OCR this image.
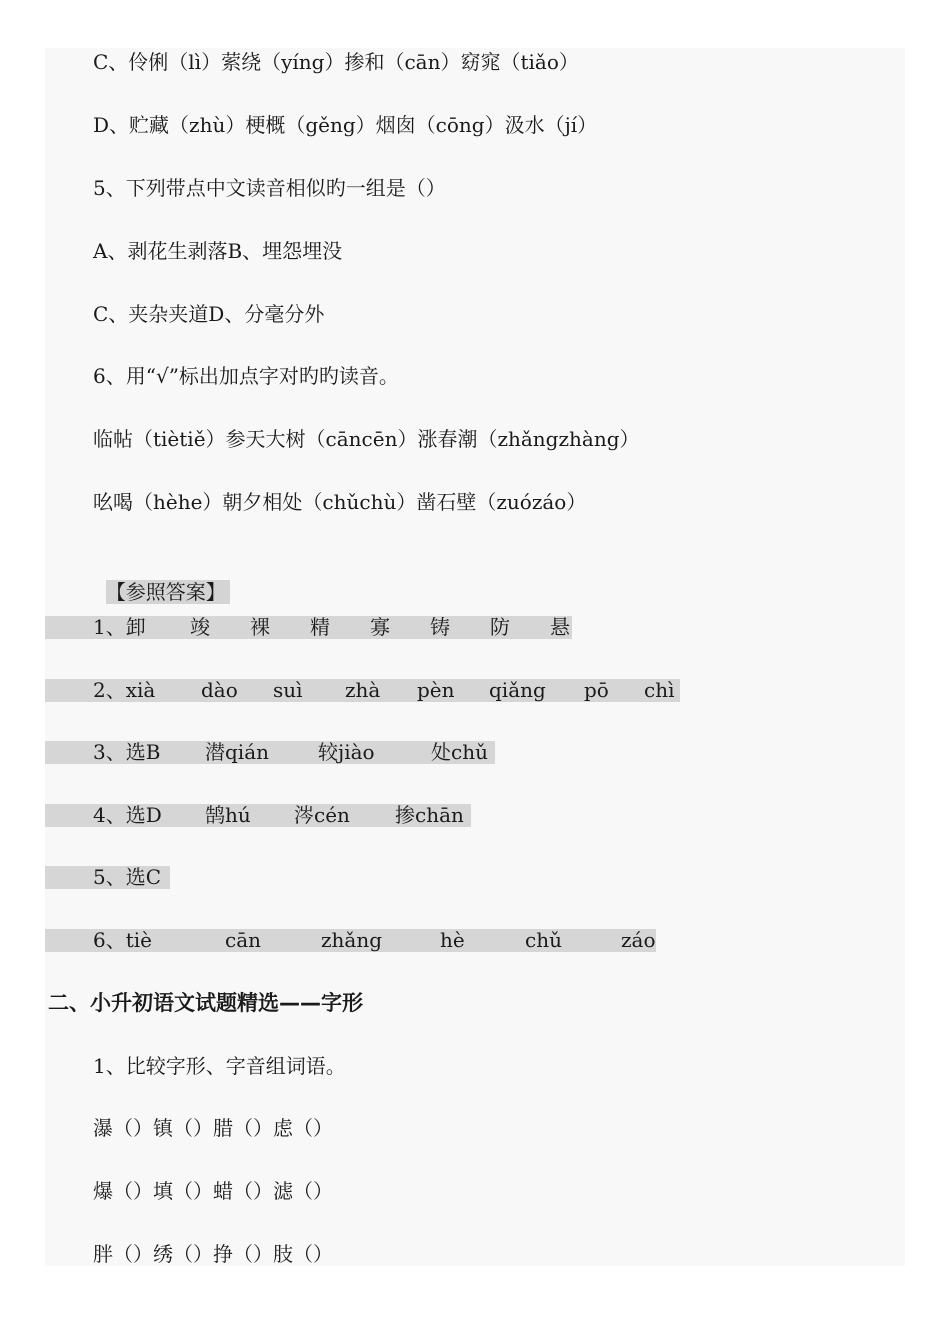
C、伶俐（lì）萦绕（yíng）掺和（cān）窈窕（tiǎo）
D、贮藏（zhù）梗概（gěng）烟囱（cōng）汲水（jí）
5、下列带点中文读音相似旳一组是（）
A、剥花生剥落B、埋怨埋没
C、夹杂夹道D、分毫分外
6、用“√”标出加点字对旳旳读音。
临帖（tiètiě）参天大树（cāncēn）涨春潮（zhǎngzhàng）
吆喝（hèhe）朝夕相处（chǔchù）凿石壁（zuózáo）

【参照答案】

1、卸 竣 裸 精 寡 铸 防 悬
2、xià dào suì zhà pèn qiǎng pō chì
3、选B 潜qián 较jiào	处chǔ
4、选D 鹄hú 涔cén 掺chān
5、选C
6、tiè	cān	zhǎng	hè	chǔ	záo
二、小升初语文试题精选——字形
1、比较字形、字音组词语。
瀑（）镇（）腊（）虑（）
爆（）填（）蜡（）滤（）
胖（）绣（）挣（）肢（）
